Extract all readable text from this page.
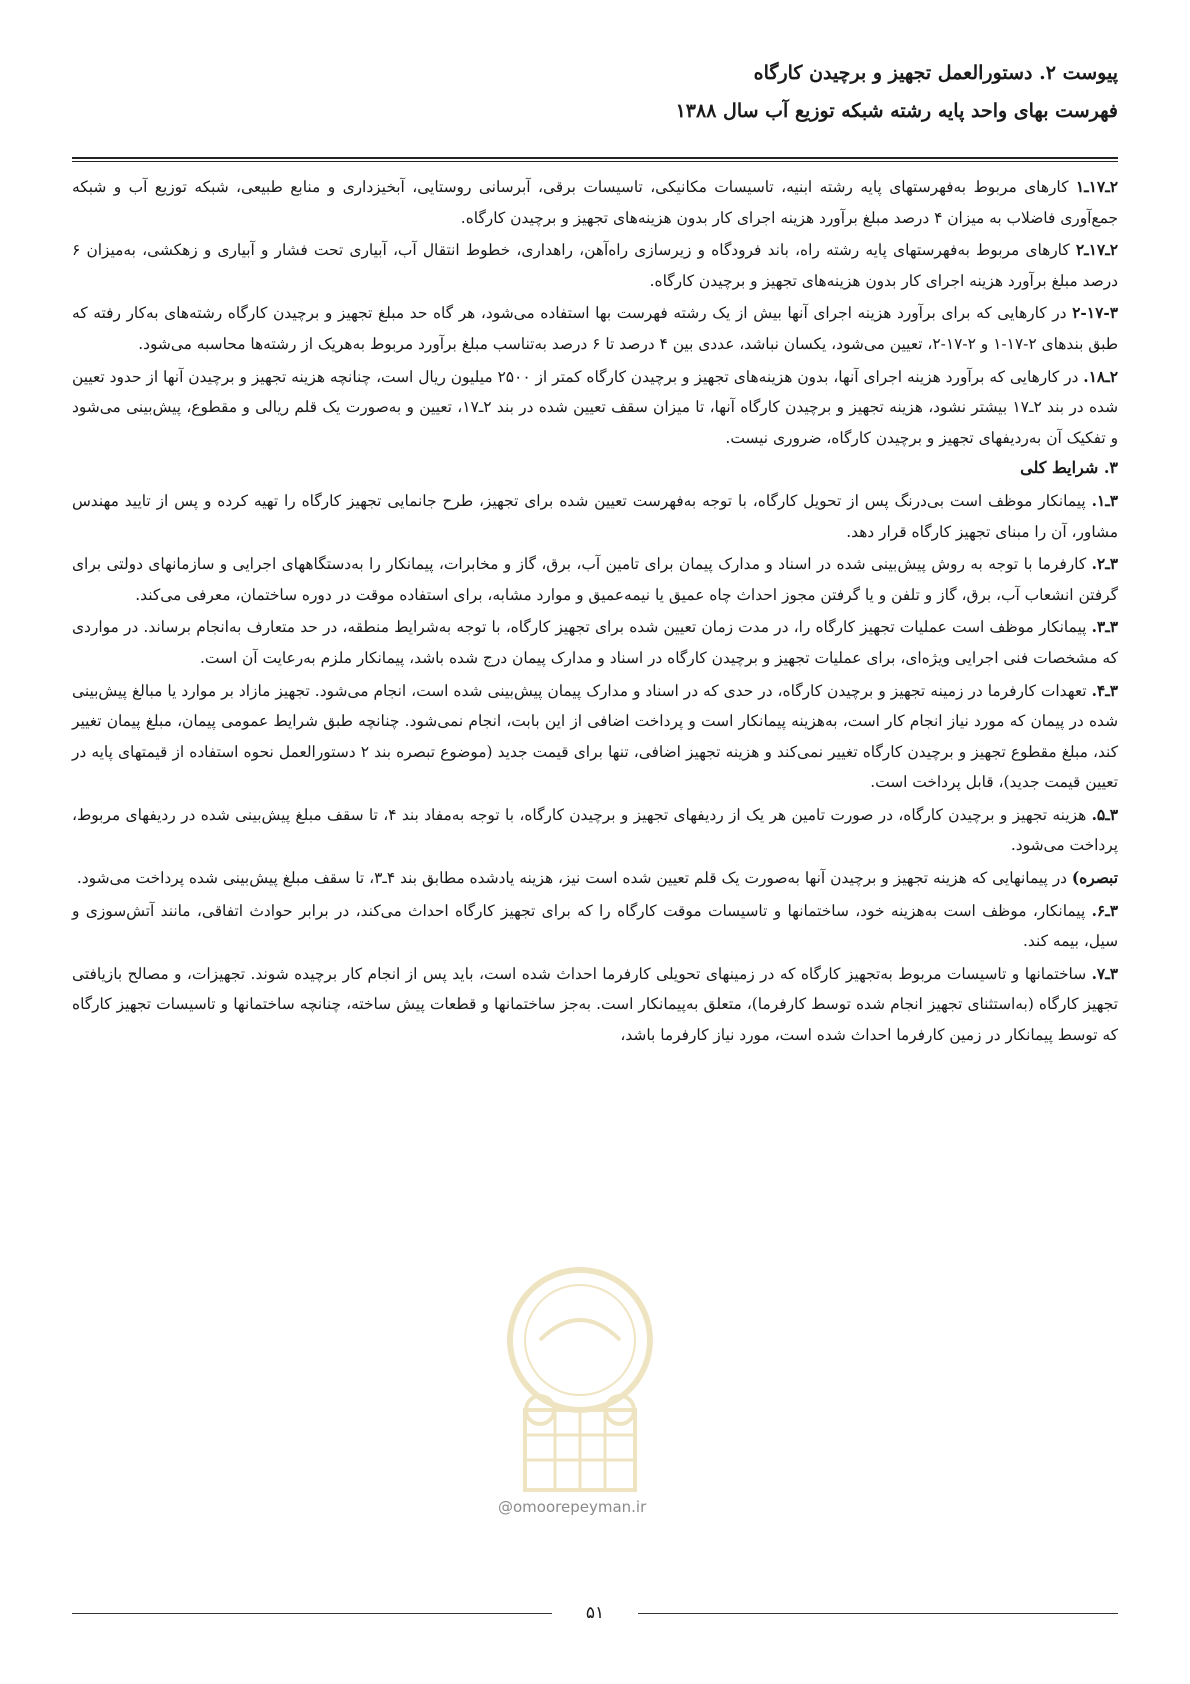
پیوست ۲. دستورالعمل تجهیز و برچیدن کارگاه
فهرست بهای واحد پایه رشته شبکه توزیع آب سال ۱۳۸۸

۲ـ۱۷ـ۱ کارهای مربوط به‌فهرستهای پایه رشته ابنیه، تاسیسات مکانیکی، تاسیسات برقی، آبرسانی روستایی، آبخیزداری و منابع طبیعی، شبکه توزیع آب و شبکه جمع‌آوری فاضلاب به میزان ۴ درصد مبلغ برآورد هزینه اجرای کار بدون هزینه‌های تجهیز و برچیدن کارگاه.

۲ـ۱۷ـ۲ کارهای مربوط به‌فهرستهای پایه رشته راه، باند فرودگاه و زیرسازی راه‌آهن، راهداری، خطوط انتقال آب، آبیاری تحت فشار و آبیاری و زهکشی، به‌میزان ۶ درصد مبلغ برآورد هزینه اجرای کار بدون هزینه‌های تجهیز و برچیدن کارگاه.

۲-۱۷-۳ در کارهایی که برای برآورد هزینه اجرای آنها بیش از یک رشته فهرست بها استفاده می‌شود، هر گاه حد مبلغ تجهیز و برچیدن کارگاه رشته‌های به‌کار رفته که طبق بندهای ۲-۱۷-۱ و ۲-۱۷-۲، تعیین می‌شود، یکسان نباشد، عددی بین ۴ درصد تا ۶ درصد به‌تناسب مبلغ برآورد مربوط به‌هریک از رشته‌ها محاسبه می‌شود.

۲ـ۱۸. در کارهایی که برآورد هزینه اجرای آنها، بدون هزینه‌های تجهیز و برچیدن کارگاه کمتر از ۲۵۰۰ میلیون ریال است، چنانچه هزینه تجهیز و برچیدن آنها از حدود تعیین شده در بند ۲ـ۱۷ بیشتر نشود، هزینه تجهیز و برچیدن کارگاه آنها، تا میزان سقف تعیین شده در بند ۲ـ۱۷، تعیین و به‌صورت یک قلم ریالی و مقطوع، پیش‌بینی می‌شود و تفکیک آن به‌ردیفهای تجهیز و برچیدن کارگاه، ضروری نیست.

۳. شرایط کلی

۳ـ۱. پیمانکار موظف است بی‌درنگ پس از تحویل کارگاه، با توجه به‌فهرست تعیین شده برای تجهیز، طرح جانمایی تجهیز کارگاه را تهیه کرده و پس از تایید مهندس مشاور، آن را مبنای تجهیز کارگاه قرار دهد.

۳ـ۲. کارفرما با توجه به روش پیش‌بینی شده در اسناد و مدارک پیمان برای تامین آب، برق، گاز و مخابرات، پیمانکار را به‌دستگاههای اجرایی و سازمانهای دولتی برای گرفتن انشعاب آب، برق، گاز و تلفن و یا گرفتن مجوز احداث چاه عمیق یا نیمه‌عمیق و موارد مشابه، برای استفاده موقت در دوره ساختمان، معرفی می‌کند.

۳ـ۳. پیمانکار موظف است عملیات تجهیز کارگاه را، در مدت زمان تعیین شده برای تجهیز کارگاه، با توجه به‌شرایط منطقه، در حد متعارف به‌انجام برساند. در مواردی که مشخصات فنی اجرایی ویژه‌ای، برای عملیات تجهیز و برچیدن کارگاه در اسناد و مدارک پیمان درج شده باشد، پیمانکار ملزم به‌رعایت آن است.

۳ـ۴. تعهدات کارفرما در زمینه تجهیز و برچیدن کارگاه، در حدی که در اسناد و مدارک پیمان پیش‌بینی شده است، انجام می‌شود. تجهیز مازاد بر موارد یا مبالغ پیش‌بینی شده در پیمان که مورد نیاز انجام کار است، به‌هزینه پیمانکار است و پرداخت اضافی از این بابت، انجام نمی‌شود. چنانچه طبق شرایط عمومی پیمان، مبلغ پیمان تغییر کند، مبلغ مقطوع تجهیز و برچیدن کارگاه تغییر نمی‌کند و هزینه تجهیز اضافی، تنها برای قیمت جدید (موضوع تبصره بند ۲ دستورالعمل نحوه استفاده از قیمتهای پایه در تعیین قیمت جدید)، قابل پرداخت است.

۳ـ۵. هزینه تجهیز و برچیدن کارگاه، در صورت تامین هر یک از ردیفهای تجهیز و برچیدن کارگاه، با توجه به‌مفاد بند ۴، تا سقف مبلغ پیش‌بینی شده در ردیفهای مربوط، پرداخت می‌شود.

تبصره) در پیمانهایی که هزینه تجهیز و برچیدن آنها به‌صورت یک قلم تعیین شده است نیز، هزینه یادشده مطابق بند ۴ـ۳، تا سقف مبلغ پیش‌بینی شده پرداخت می‌شود.

۳ـ۶. پیمانکار، موظف است به‌هزینه خود، ساختمانها و تاسیسات موقت کارگاه را که برای تجهیز کارگاه احداث می‌کند، در برابر حوادث اتفاقی، مانند آتش‌سوزی و سیل، بیمه کند.

۳ـ۷. ساختمانها و تاسیسات مربوط به‌تجهیز کارگاه که در زمینهای تحویلی کارفرما احداث شده است، باید پس از انجام کار برچیده شوند. تجهیزات، و مصالح بازیافتی تجهیز کارگاه (به‌استثنای تجهیز انجام شده توسط کارفرما)، متعلق به‌پیمانکار است. به‌جز ساختمانها و قطعات پیش ساخته، چنانچه ساختمانها و تاسیسات تجهیز کارگاه که توسط پیمانکار در زمین کارفرما احداث شده است، مورد نیاز کارفرما باشد،

@omoorepeyman.ir
۵۱
